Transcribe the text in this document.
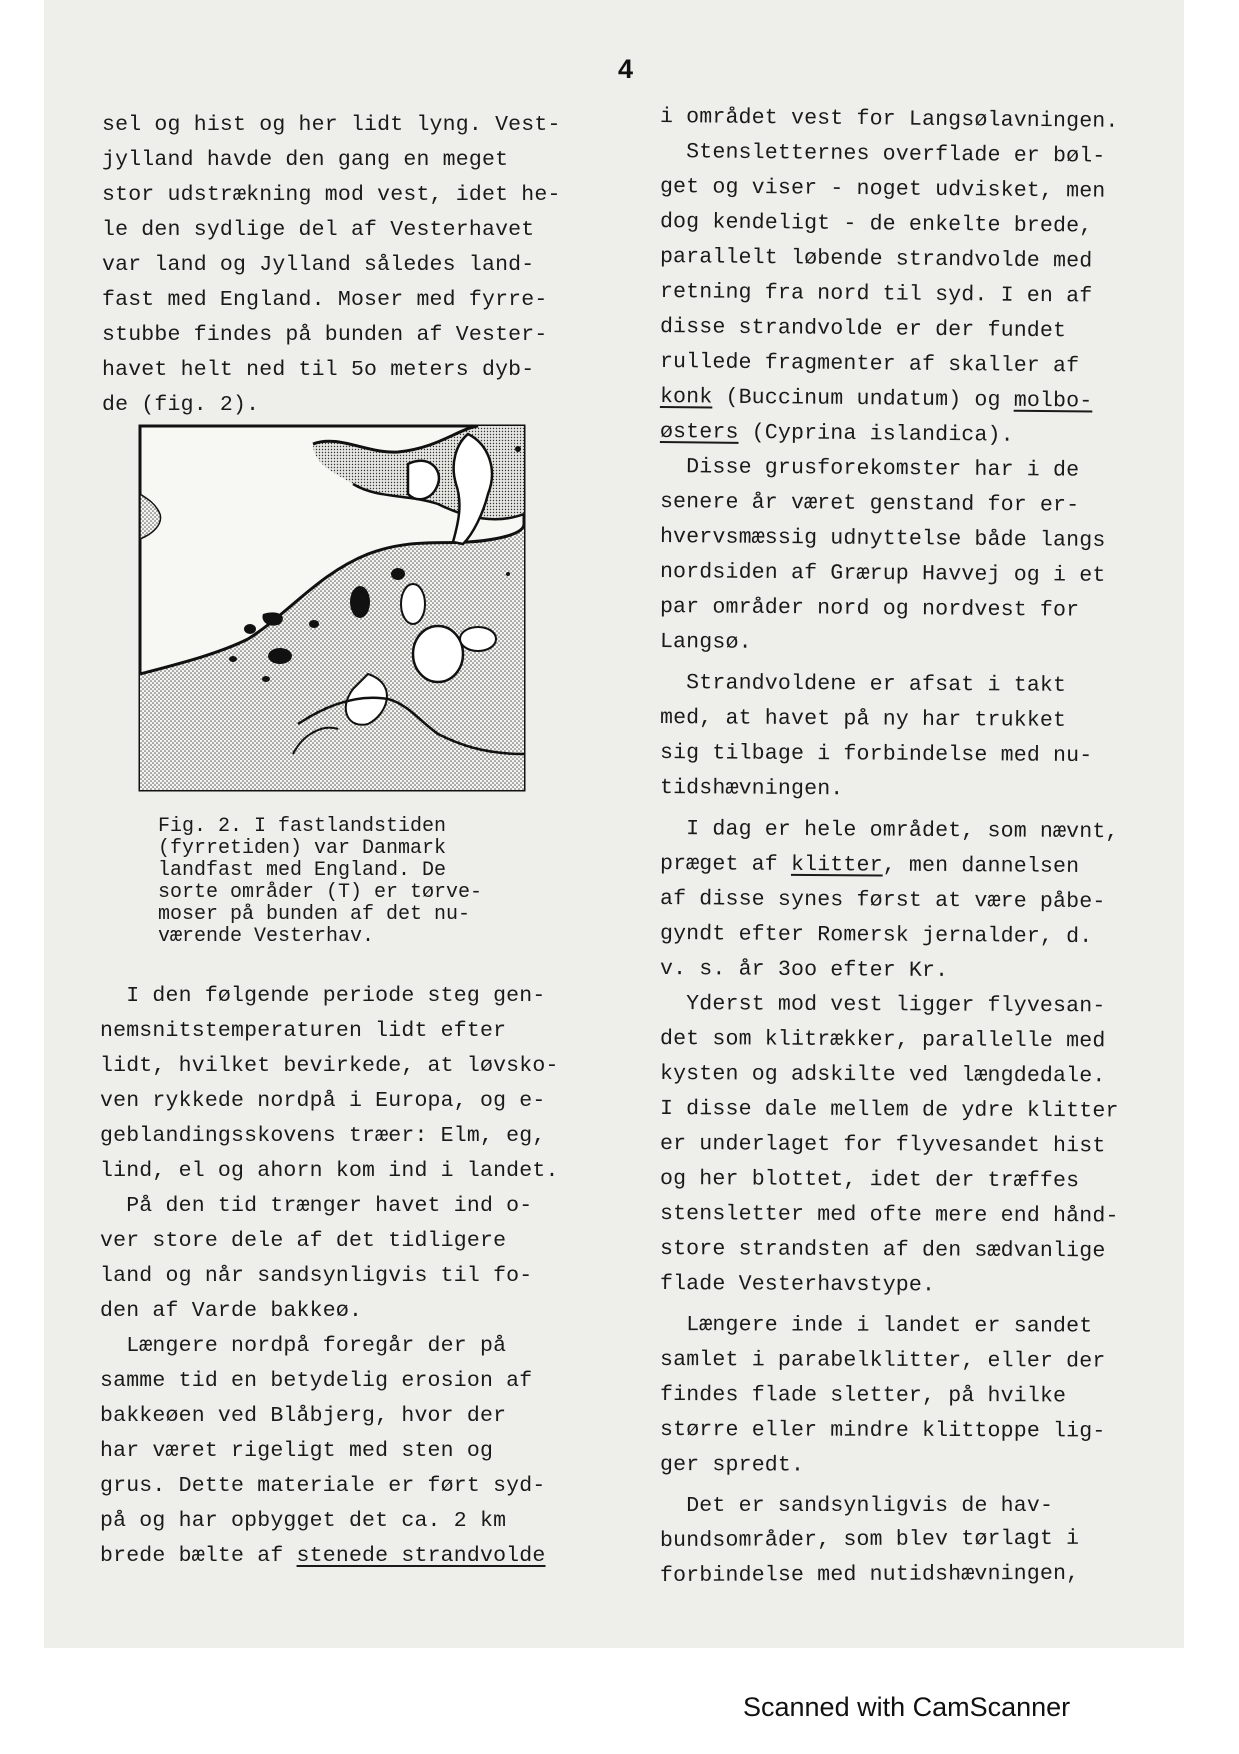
4
sel og hist og her lidt lyng. Vest-
jylland havde den gang en meget
stor udstrækning mod vest, idet he-
le den sydlige del af Vesterhavet
var land og Jylland således land-
fast med England. Moser med fyrre-
stubbe findes på bunden af Vester-
havet helt ned til 5o meters dyb-
de (fig. 2).
Fig. 2. I fastlandstiden
(fyrretiden) var Danmark
landfast med England. De
sorte områder (T) er tørve-
moser på bunden af det nu-
værende Vesterhav.
I den følgende periode steg gen-
nemsnitstemperaturen lidt efter
lidt, hvilket bevirkede, at løvsko-
ven rykkede nordpå i Europa, og e-
geblandingsskovens træer: Elm, eg,
lind, el og ahorn kom ind i landet.
På den tid trænger havet ind o-
ver store dele af det tidligere
land og når sandsynligvis til fo-
den af Varde bakkeø.
Længere nordpå foregår der på
samme tid en betydelig erosion af
bakkeøen ved Blåbjerg, hvor der
har været rigeligt med sten og
grus. Dette materiale er ført syd-
på og har opbygget det ca. 2 km
brede bælte af stenede strandvolde
i området vest for Langsølavningen.
Stensletternes overflade er bøl-
get og viser - noget udvisket, men
dog kendeligt - de enkelte brede,
parallelt løbende strandvolde med
retning fra nord til syd. I en af
disse strandvolde er der fundet
rullede fragmenter af skaller af
konk (Buccinum undatum) og molbo-
østers (Cyprina islandica).
Disse grusforekomster har i de
senere år været genstand for er-
hvervsmæssig udnyttelse både langs
nordsiden af Grærup Havvej og i et
par områder nord og nordvest for
Langsø.
Strandvoldene er afsat i takt
med, at havet på ny har trukket
sig tilbage i forbindelse med nu-
tidshævningen.
I dag er hele området, som nævnt,
præget af klitter, men dannelsen
af disse synes først at være påbe-
gyndt efter Romersk jernalder, d.
v. s. år 3oo efter Kr.
Yderst mod vest ligger flyvesan-
det som klitrækker, parallelle med
kysten og adskilte ved længdedale.
I disse dale mellem de ydre klitter
er underlaget for flyvesandet hist
og her blottet, idet der træffes
stensletter med ofte mere end hånd-
store strandsten af den sædvanlige
flade Vesterhavstype.
Længere inde i landet er sandet
samlet i parabelklitter, eller der
findes flade sletter, på hvilke
større eller mindre klittoppe lig-
ger spredt.
Det er sandsynligvis de hav-
bundsområder, som blev tørlagt i
forbindelse med nutidshævningen,
Scanned with CamScanner
